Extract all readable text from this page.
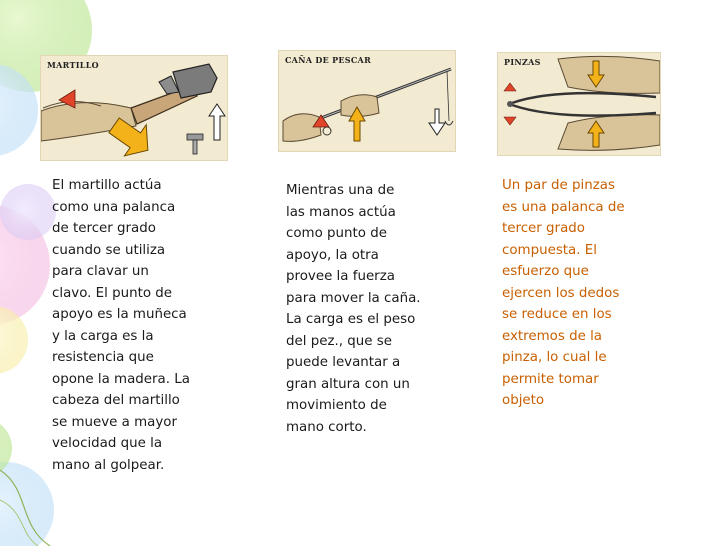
MARTILLO	CAÑA DE PESCAR	PINZAS

El martillo actúa
como una palanca
de tercer grado
cuando se utiliza
para clavar un
clavo. El punto de
apoyo es la muñeca
y la carga es la
resistencia que
opone la madera. La
cabeza del martillo
se mueve a mayor
velocidad que la
mano al golpear.

Mientras una de
las manos actúa
como punto de
apoyo, la otra
provee la fuerza
para mover la caña.
La carga es el peso
del pez., que se
puede levantar a
gran altura con un
movimiento de
mano corto.

Un par de pinzas
es una palanca de
tercer grado
compuesta. El
esfuerzo que
ejercen los dedos
se reduce en los
extremos de la
pinza, lo cual le
permite tomar
objeto
